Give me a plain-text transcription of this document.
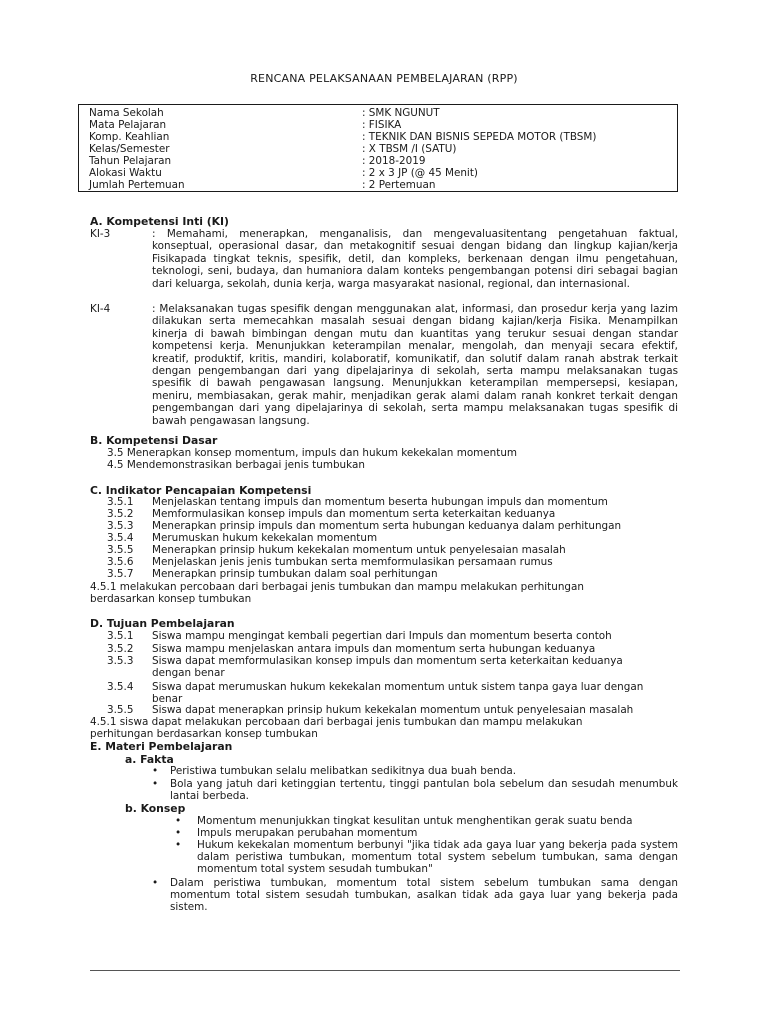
RENCANA PELAKSANAAN PEMBELAJARAN (RPP)
Nama Sekolah	: SMK NGUNUT
Mata Pelajaran	: FISIKA
Komp. Keahlian	: TEKNIK DAN BISNIS SEPEDA MOTOR (TBSM)
Kelas/Semester	: X TBSM /I (SATU)
Tahun Pelajaran	: 2018-2019
Alokasi Waktu	: 2 x 3 JP (@ 45 Menit)
Jumlah Pertemuan	: 2 Pertemuan
A. Kompetensi Inti (KI)
KI-3	: Memahami, menerapkan, menganalisis, dan mengevaluasitentang pengetahuan faktual, konseptual, operasional dasar, dan metakognitif sesuai dengan bidang dan lingkup kajian/kerja Fisikapada tingkat teknis, spesifik, detil, dan kompleks, berkenaan dengan ilmu pengetahuan, teknologi, seni, budaya, dan humaniora dalam konteks pengembangan potensi diri sebagai bagian dari keluarga, sekolah, dunia kerja, warga masyarakat nasional, regional, dan internasional.
KI-4	: Melaksanakan tugas spesifik dengan menggunakan alat, informasi, dan prosedur kerja yang lazim dilakukan serta memecahkan masalah sesuai dengan bidang kajian/kerja Fisika. Menampilkan kinerja di bawah bimbingan dengan mutu dan kuantitas yang terukur sesuai dengan standar kompetensi kerja. Menunjukkan keterampilan menalar, mengolah, dan menyaji secara efektif, kreatif, produktif, kritis, mandiri, kolaboratif, komunikatif, dan solutif dalam ranah abstrak terkait dengan pengembangan dari yang dipelajarinya di sekolah, serta mampu melaksanakan tugas spesifik di bawah pengawasan langsung. Menunjukkan keterampilan mempersepsi, kesiapan, meniru, membiasakan, gerak mahir, menjadikan gerak alami dalam ranah konkret terkait dengan pengembangan dari yang dipelajarinya di sekolah, serta mampu melaksanakan tugas spesifik di bawah pengawasan langsung.
B. Kompetensi Dasar
3.5 Menerapkan konsep momentum, impuls dan hukum kekekalan momentum
4.5 Mendemonstrasikan berbagai jenis tumbukan
C. Indikator Pencapaian Kompetensi
3.5.1 Menjelaskan tentang impuls dan momentum beserta hubungan impuls dan momentum
3.5.2 Memformulasikan konsep impuls dan momentum serta keterkaitan keduanya
3.5.3 Menerapkan prinsip impuls dan momentum serta hubungan keduanya dalam perhitungan
3.5.4 Merumuskan hukum kekekalan momentum
3.5.5 Menerapkan prinsip hukum kekekalan momentum untuk penyelesaian masalah
3.5.6 Menjelaskan jenis jenis tumbukan serta memformulasikan persamaan rumus
3.5.7 Menerapkan prinsip tumbukan dalam soal perhitungan
4.5.1 melakukan percobaan dari berbagai jenis tumbukan dan mampu melakukan perhitungan
berdasarkan konsep tumbukan
D. Tujuan Pembelajaran
3.5.1 Siswa mampu mengingat kembali pegertian dari Impuls dan momentum beserta contoh
3.5.2 Siswa mampu menjelaskan antara impuls dan momentum serta hubungan keduanya
3.5.3 Siswa dapat memformulasikan konsep impuls dan momentum serta keterkaitan keduanya
dengan benar
3.5.4 Siswa dapat merumuskan hukum kekekalan momentum untuk sistem tanpa gaya luar dengan
benar
3.5.5 Siswa dapat menerapkan prinsip hukum kekekalan momentum untuk penyelesaian masalah
4.5.1 siswa dapat melakukan percobaan dari berbagai jenis tumbukan dan mampu melakukan
perhitungan berdasarkan konsep tumbukan
E. Materi Pembelajaran
a. Fakta
• Peristiwa tumbukan selalu melibatkan sedikitnya dua buah benda.
• Bola yang jatuh dari ketinggian tertentu, tinggi pantulan bola sebelum dan sesudah menumbuk lantai berbeda.
b. Konsep
• Momentum menunjukkan tingkat kesulitan untuk menghentikan gerak suatu benda
• Impuls merupakan perubahan momentum
• Hukum kekekalan momentum berbunyi "jika tidak ada gaya luar yang bekerja pada system dalam peristiwa tumbukan, momentum total system sebelum tumbukan, sama dengan momentum total system sesudah tumbukan"
• Dalam peristiwa tumbukan, momentum total sistem sebelum tumbukan sama dengan momentum total sistem sesudah tumbukan, asalkan tidak ada gaya luar yang bekerja pada sistem.
